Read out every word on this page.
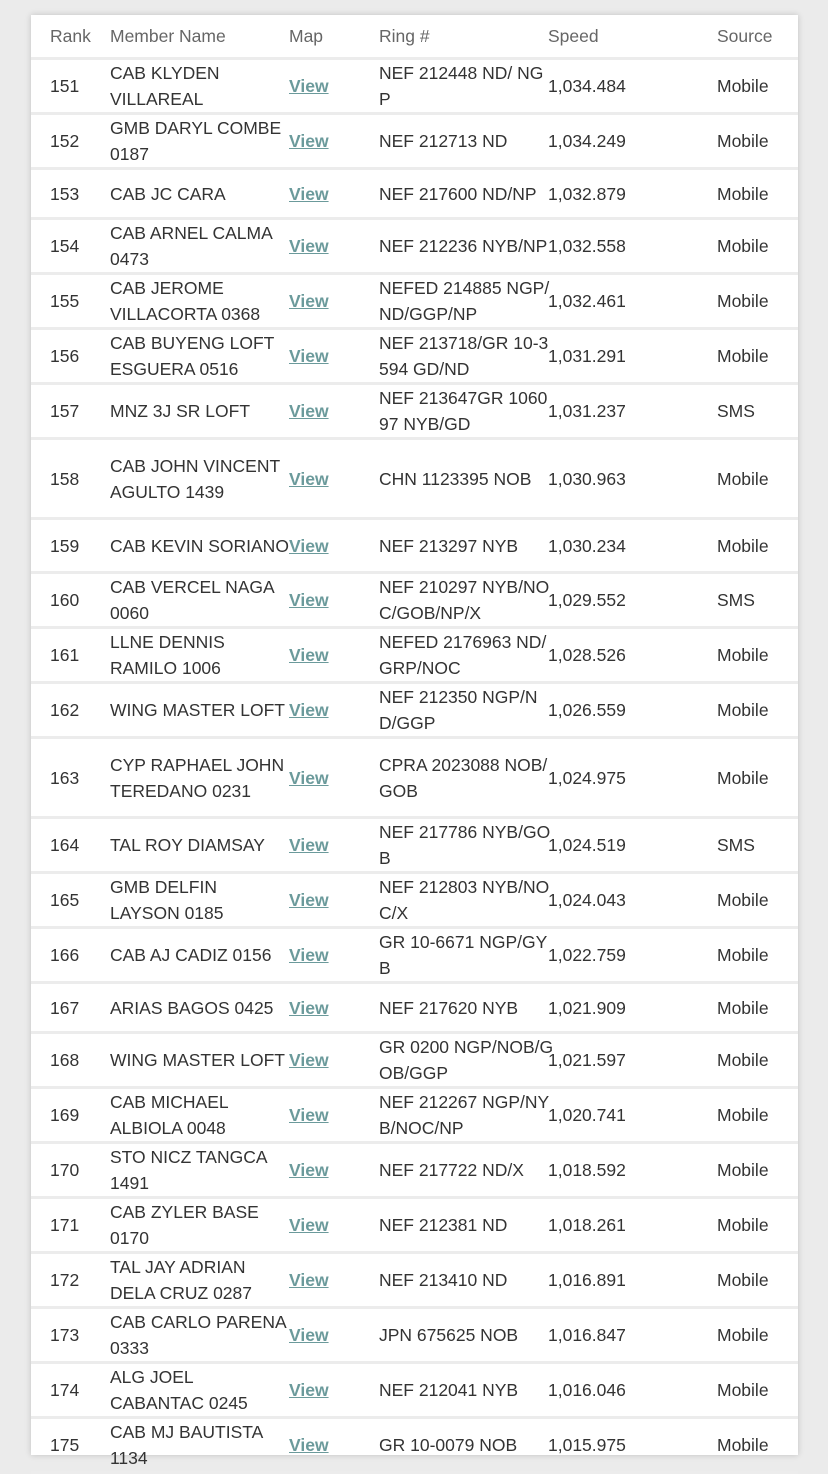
Rank	Member Name	Map	Ring #	Speed	Source
151	CAB KLYDEN VILLAREAL	View	NEF 212448 ND/ NGP	1,034.484	Mobile
152	GMB DARYL COMBE 0187	View	NEF 212713 ND	1,034.249	Mobile
153	CAB JC CARA	View	NEF 217600 ND/NP	1,032.879	Mobile
154	CAB ARNEL CALMA 0473	View	NEF 212236 NYB/NP	1,032.558	Mobile
155	CAB JEROME VILLACORTA 0368	View	NEFED 214885 NGP/ND/GGP/NP	1,032.461	Mobile
156	CAB BUYENG LOFT ESGUERA 0516	View	NEF 213718/GR 10-3594 GD/ND	1,031.291	Mobile
157	MNZ 3J SR LOFT	View	NEF 213647GR 106097 NYB/GD	1,031.237	SMS
158	CAB JOHN VINCENT AGULTO 1439	View	CHN 1123395 NOB	1,030.963	Mobile
159	CAB KEVIN SORIANO	View	NEF 213297 NYB	1,030.234	Mobile
160	CAB VERCEL NAGA 0060	View	NEF 210297 NYB/NOC/GOB/NP/X	1,029.552	SMS
161	LLNE DENNIS RAMILO 1006	View	NEFED 2176963 ND/GRP/NOC	1,028.526	Mobile
162	WING MASTER LOFT	View	NEF 212350 NGP/ND/GGP	1,026.559	Mobile
163	CYP RAPHAEL JOHN TEREDANO 0231	View	CPRA 2023088 NOB/GOB	1,024.975	Mobile
164	TAL ROY DIAMSAY	View	NEF 217786 NYB/GOB	1,024.519	SMS
165	GMB DELFIN LAYSON 0185	View	NEF 212803 NYB/NOC/X	1,024.043	Mobile
166	CAB AJ CADIZ 0156	View	GR 10-6671 NGP/GYB	1,022.759	Mobile
167	ARIAS BAGOS 0425	View	NEF 217620 NYB	1,021.909	Mobile
168	WING MASTER LOFT	View	GR 0200 NGP/NOB/GOB/GGP	1,021.597	Mobile
169	CAB MICHAEL ALBIOLA 0048	View	NEF 212267 NGP/NYB/NOC/NP	1,020.741	Mobile
170	STO NICZ TANGCA 1491	View	NEF 217722 ND/X	1,018.592	Mobile
171	CAB ZYLER BASE 0170	View	NEF 212381 ND	1,018.261	Mobile
172	TAL JAY ADRIAN DELA CRUZ 0287	View	NEF 213410 ND	1,016.891	Mobile
173	CAB CARLO PARENA 0333	View	JPN 675625 NOB	1,016.847	Mobile
174	ALG JOEL CABANTAC 0245	View	NEF 212041 NYB	1,016.046	Mobile
175	CAB MJ BAUTISTA 1134	View	GR 10-0079 NOB	1,015.975	Mobile
